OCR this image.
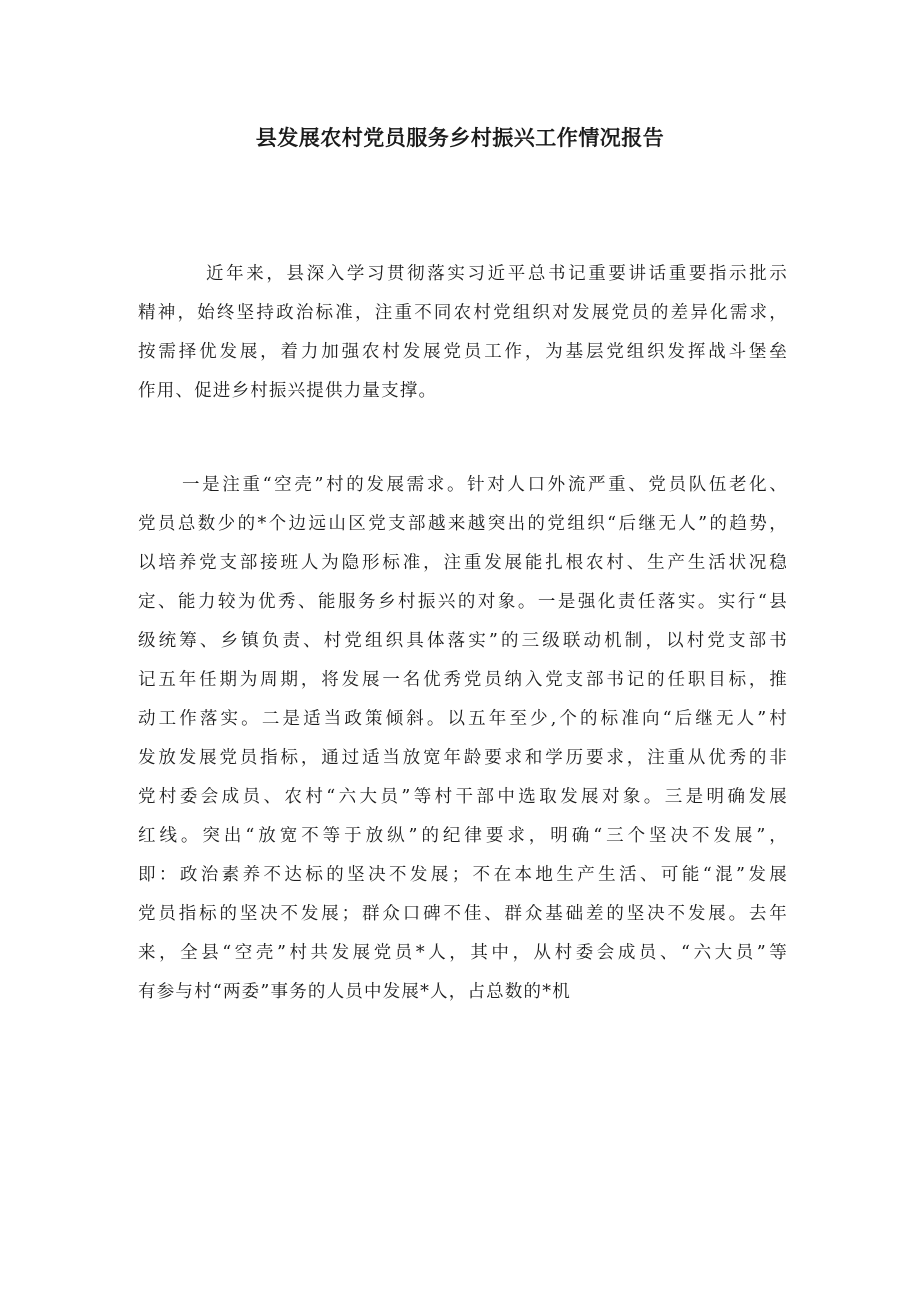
县发展农村党员服务乡村振兴工作情况报告
近年来，县深入学习贯彻落实习近平总书记重要讲话重要指示批示
精神，始终坚持政治标准，注重不同农村党组织对发展党员的差异化需求，
按需择优发展，着力加强农村发展党员工作，为基层党组织发挥战斗堡垒
作用、促进乡村振兴提供力量支撑。
一是注重“空壳”村的发展需求。针对人口外流严重、党员队伍老化、
党员总数少的*个边远山区党支部越来越突出的党组织“后继无人”的趋势，
以培养党支部接班人为隐形标准，注重发展能扎根农村、生产生活状况稳
定、能力较为优秀、能服务乡村振兴的对象。一是强化责任落实。实行“县
级统筹、乡镇负责、村党组织具体落实”的三级联动机制，以村党支部书
记五年任期为周期，将发展一名优秀党员纳入党支部书记的任职目标，推
动工作落实。二是适当政策倾斜。以五年至少,个的标准向“后继无人”村
发放发展党员指标，通过适当放宽年龄要求和学历要求，注重从优秀的非
党村委会成员、农村“六大员”等村干部中选取发展对象。三是明确发展
红线。突出“放宽不等于放纵”的纪律要求，明确“三个坚决不发展”，
即：政治素养不达标的坚决不发展；不在本地生产生活、可能“混”发展
党员指标的坚决不发展；群众口碑不佳、群众基础差的坚决不发展。去年
来，全县“空壳”村共发展党员*人，其中，从村委会成员、“六大员”等
有参与村“两委”事务的人员中发展*人，占总数的*机
